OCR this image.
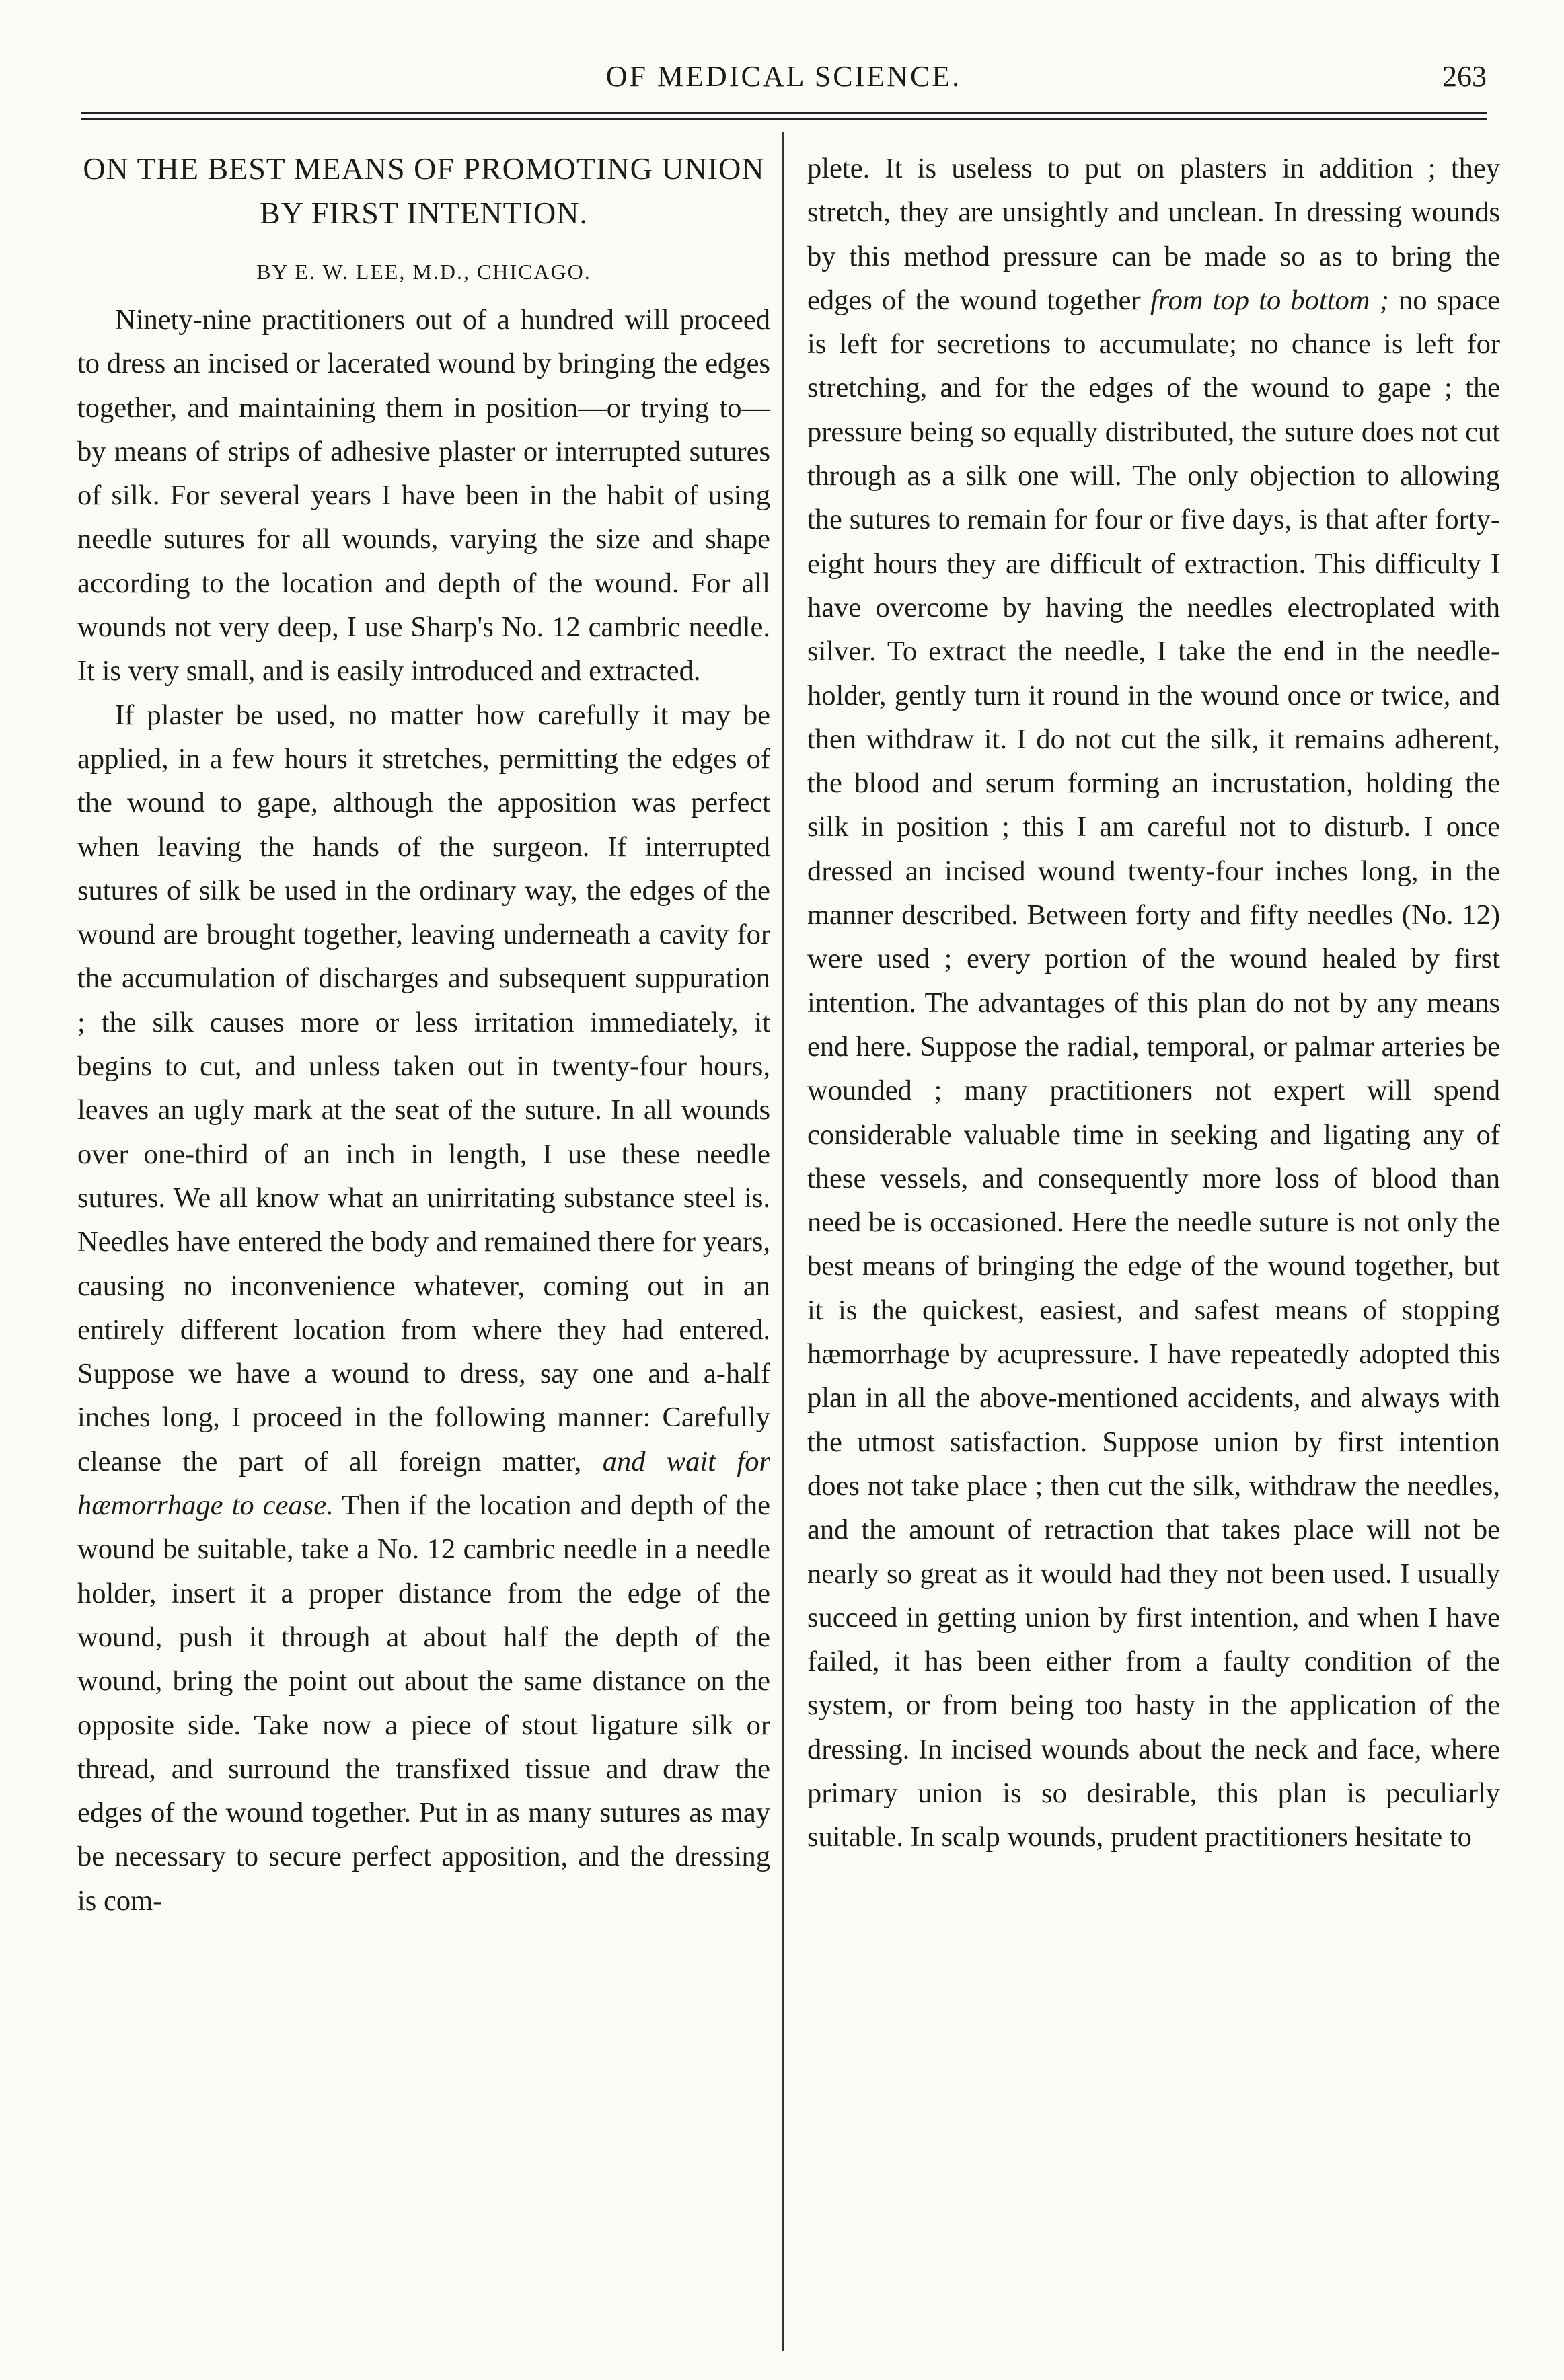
OF MEDICAL SCIENCE.	263
ON THE BEST MEANS OF PROMOTING UNION BY FIRST INTENTION.
BY E. W. LEE, M.D., CHICAGO.

Ninety-nine practitioners out of a hundred will proceed to dress an incised or lacerated wound by bringing the edges together, and maintaining them in position—or trying to—by means of strips of adhesive plaster or interrupted sutures of silk. For several years I have been in the habit of using needle sutures for all wounds, varying the size and shape according to the location and depth of the wound. For all wounds not very deep, I use Sharp's No. 12 cambric needle. It is very small, and is easily introduced and extracted.

If plaster be used, no matter how carefully it may be applied, in a few hours it stretches, permitting the edges of the wound to gape, although the apposition was perfect when leaving the hands of the surgeon. If interrupted sutures of silk be used in the ordinary way, the edges of the wound are brought together, leaving underneath a cavity for the accumulation of discharges and subsequent suppuration ; the silk causes more or less irritation immediately, it begins to cut, and unless taken out in twenty-four hours, leaves an ugly mark at the seat of the suture. In all wounds over one-third of an inch in length, I use these needle sutures. We all know what an unirritating substance steel is. Needles have entered the body and remained there for years, causing no inconvenience whatever, coming out in an entirely different location from where they had entered. Suppose we have a wound to dress, say one and a-half inches long, I proceed in the following manner: Carefully cleanse the part of all foreign matter, and wait for hæmorrhage to cease. Then if the location and depth of the wound be suitable, take a No. 12 cambric needle in a needle holder, insert it a proper distance from the edge of the wound, push it through at about half the depth of the wound, bring the point out about the same distance on the opposite side. Take now a piece of stout ligature silk or thread, and surround the transfixed tissue and draw the edges of the wound together. Put in as many sutures as may be necessary to secure perfect apposition, and the dressing is com-

plete. It is useless to put on plasters in addition ; they stretch, they are unsightly and unclean. In dressing wounds by this method pressure can be made so as to bring the edges of the wound together from top to bottom ; no space is left for secretions to accumulate; no chance is left for stretching, and for the edges of the wound to gape ; the pressure being so equally distributed, the suture does not cut through as a silk one will. The only objection to allowing the sutures to remain for four or five days, is that after forty-eight hours they are difficult of extraction. This difficulty I have overcome by having the needles electroplated with silver. To extract the needle, I take the end in the needle-holder, gently turn it round in the wound once or twice, and then withdraw it. I do not cut the silk, it remains adherent, the blood and serum forming an incrustation, holding the silk in position ; this I am careful not to disturb. I once dressed an incised wound twenty-four inches long, in the manner described. Between forty and fifty needles (No. 12) were used ; every portion of the wound healed by first intention. The advantages of this plan do not by any means end here. Suppose the radial, temporal, or palmar arteries be wounded ; many practitioners not expert will spend considerable valuable time in seeking and ligating any of these vessels, and consequently more loss of blood than need be is occasioned. Here the needle suture is not only the best means of bringing the edge of the wound together, but it is the quickest, easiest, and safest means of stopping hæmorrhage by acupressure. I have repeatedly adopted this plan in all the above-mentioned accidents, and always with the utmost satisfaction. Suppose union by first intention does not take place ; then cut the silk, withdraw the needles, and the amount of retraction that takes place will not be nearly so great as it would had they not been used. I usually succeed in getting union by first intention, and when I have failed, it has been either from a faulty condition of the system, or from being too hasty in the application of the dressing. In incised wounds about the neck and face, where primary union is so desirable, this plan is peculiarly suitable. In scalp wounds, prudent practitioners hesitate to
